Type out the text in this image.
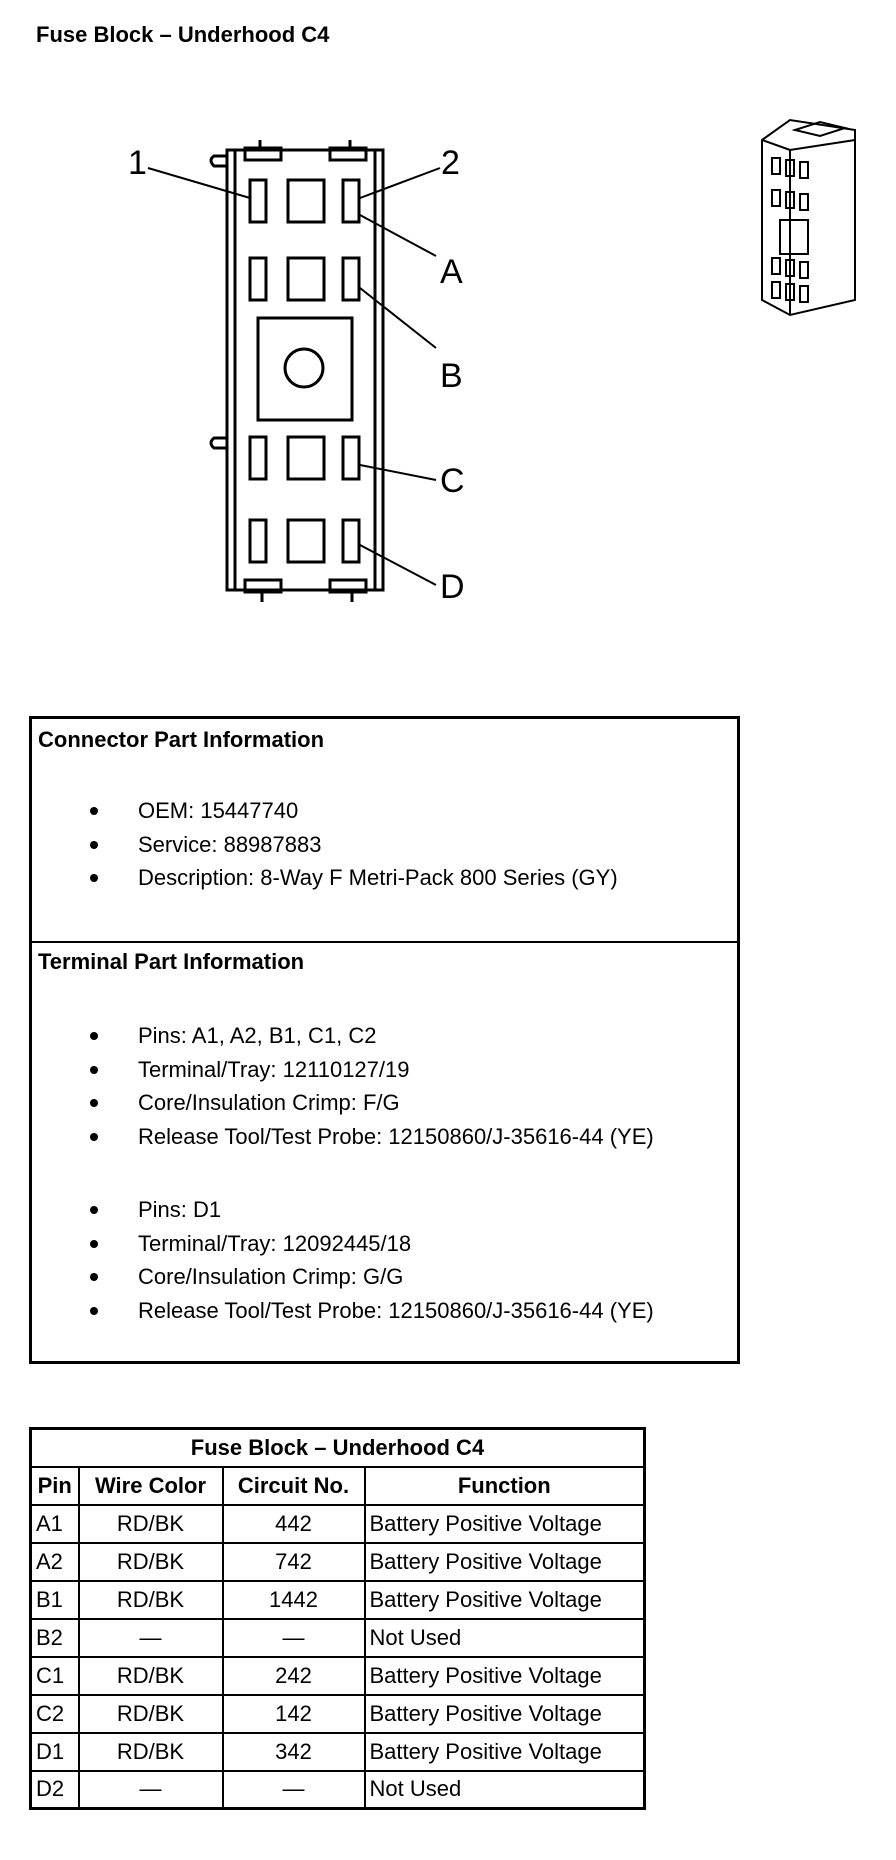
Fuse Block – Underhood C4
1	2
A
B
C
D
Connector Part Information
OEM: 15447740
Service: 88987883
Description: 8-Way F Metri-Pack 800 Series (GY)
Terminal Part Information
Pins: A1, A2, B1, C1, C2
Terminal/Tray: 12110127/19
Core/Insulation Crimp: F/G
Release Tool/Test Probe: 12150860/J-35616-44 (YE)
Pins: D1
Terminal/Tray: 12092445/18
Core/Insulation Crimp: G/G
Release Tool/Test Probe: 12150860/J-35616-44 (YE)
Fuse Block – Underhood C4			
Pin	Wire Color	Circuit No.	Function
A1	RD/BK	442	Battery Positive Voltage
A2	RD/BK	742	Battery Positive Voltage
B1	RD/BK	1442	Battery Positive Voltage
B2	—	—	Not Used
C1	RD/BK	242	Battery Positive Voltage
C2	RD/BK	142	Battery Positive Voltage
D1	RD/BK	342	Battery Positive Voltage
D2	—	—	Not Used
